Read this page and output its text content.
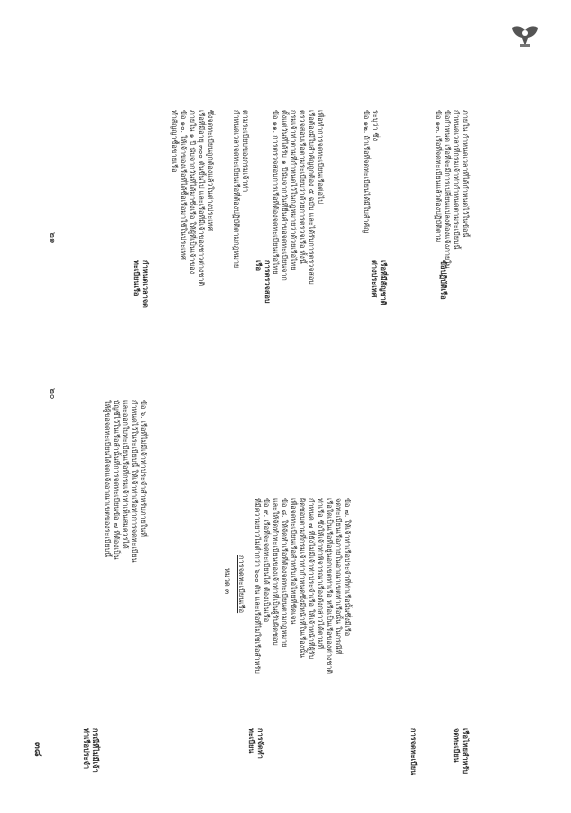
๒๐
๒๑
ข้อ ๖. เรือที่ไม่มีเจ้าท่าประจำสำหรับภายในที่
กำหนดไว้ในระเบียบนี้ ให้เจ้าท่าเรือท่าการจดทะเบียน
และออกใบทะเบียนเรือที่กรมเจ้าท่าเห็นสมควรได้
บัญชีไว้ในเรือลำนั้นที่การจดทะเบียนข้อ ๗ ที่ต้องเป็น
ให้ผู้ขอจดทะเบียนได้จดแจ้งอาณาเขตของระเบียบนี้
หมวด ๓ การจดทะเบียนเรือ	ข้อ ๗. ให้เจ้าท่าเรือประจำที่ท่าเรือนั้นซึ่งมีเรือ
จดทะเบียนเรือภายในอาณาเขตท่าเรือนั้น ในกรณีที่
เรือใดเป็นเรือที่อยู่นอกเขตท่าเรือ หรือเป็นเรือของต่างชาติ
ท่าเรือ ซึ่งให้เจ้าท่าพิจารณาเรื่องดังกล่าวได้ตามที่
กำหนด ๗ ที่ยังไม่มีเจ้าท่าประจำเรือ ให้เจ้าหน้าที่ผู้รับ
ผิดชอบตามที่กรมเจ้าท่ากำหนดซึ่งมีหน้าที่ในเรื่องนั้น
เพื่อจดทะเบียนเรือสำหรับเรือไทยที่ชัดเจน
ข้อ ๘. ให้จัดทำเรือที่ต้องจดทะเบียนตามกฎหมาย
และให้จัดทำทะเบียนของเจ้าท่าที่เป็นผู้รับผิดชอบ
ข้อ ๙. เรือที่จะจดทะเบียนได้ ต้องเป็นเรือ
ที่มีความยาวไม่ต่ำกว่า ๖๐๐ ตัน และเรือที่ไม่ใช่เรือสำหรับ
กรณีที่ไม่มีเจ้า
ท่าเรือประจำ	การจัดทำ
ทะเบียน	การจดทะเบียน	เรือไทยสำหรับ
จดทะเบียน
ภายใน กำหนดเวลาที่ได้กำหนดไว้ในข้อนี้
กำหนดเวลาที่กรมเจ้าท่ากำหนดตามระเบียบนี้
ข้อกำหนด เรือที่จะมีการเปลี่ยนแปลงต้องแจ้งภายใน
ข้อ ๑๓. เรือที่จดทะเบียนแล้วต้องปฏิบัติตาม
ระบุว่า ซึ่ง
ข้อ ๑๒. ถ้าเรือที่จดทะเบียนได้มีใบสำคัญ
เพื่อทำการจดทะเบียนเรือต่อไป
เรือต้องมีใบสำคัญถูกต้อง ๕ ฉบับ และได้รับการตรวจสอบ
ตรวจสอบเรือตามระเบียบว่าด้วยการตรวจเรือ ทั้งนี้
กรมเจ้าท่าตามที่กำหนดไว้ในกฎหมายว่าด้วยเรือไทย
ตั้งแต่วันที่ได้รับ ๑ ปีนับจากวันที่ยื่นคำขอจดทะเบียนจาก
ข้อ ๑๑. การตรวจสอบการเรือที่ต้องจดทะเบียนเรือไทย
ตามระเบียบของกรมเจ้าท่า
กำหนดเวลาจดทะเบียนเรือที่ต้องปฏิบัติตามกฎหมาย
ซึ่งจดทะเบียนถูกต้องแล้วในต่างประเทศ
เรือที่มีอายุ ๓๐๐ ตันขึ้นไป และเรือที่มีเจ้าของชาวต่างชาติ
ภายใน ๑ ปี นับจากวันที่ได้มาซึ่งเรือ ให้ผู้ที่เป็นเจ้าของ
ข้อ ๑๐. ให้เจ้าของเรือที่ได้ซื้อเรือมาใช้ในประเทศ
ทำสัญญาซื้อขายเรือ
กำหนดเวลาจด
ทะเบียนเรือ	การตรวจสอบ
เรือ	เรือที่มีสัญชาติ
ต่างประเทศ	ข้อปฏิบัติเรือ
๓๘
